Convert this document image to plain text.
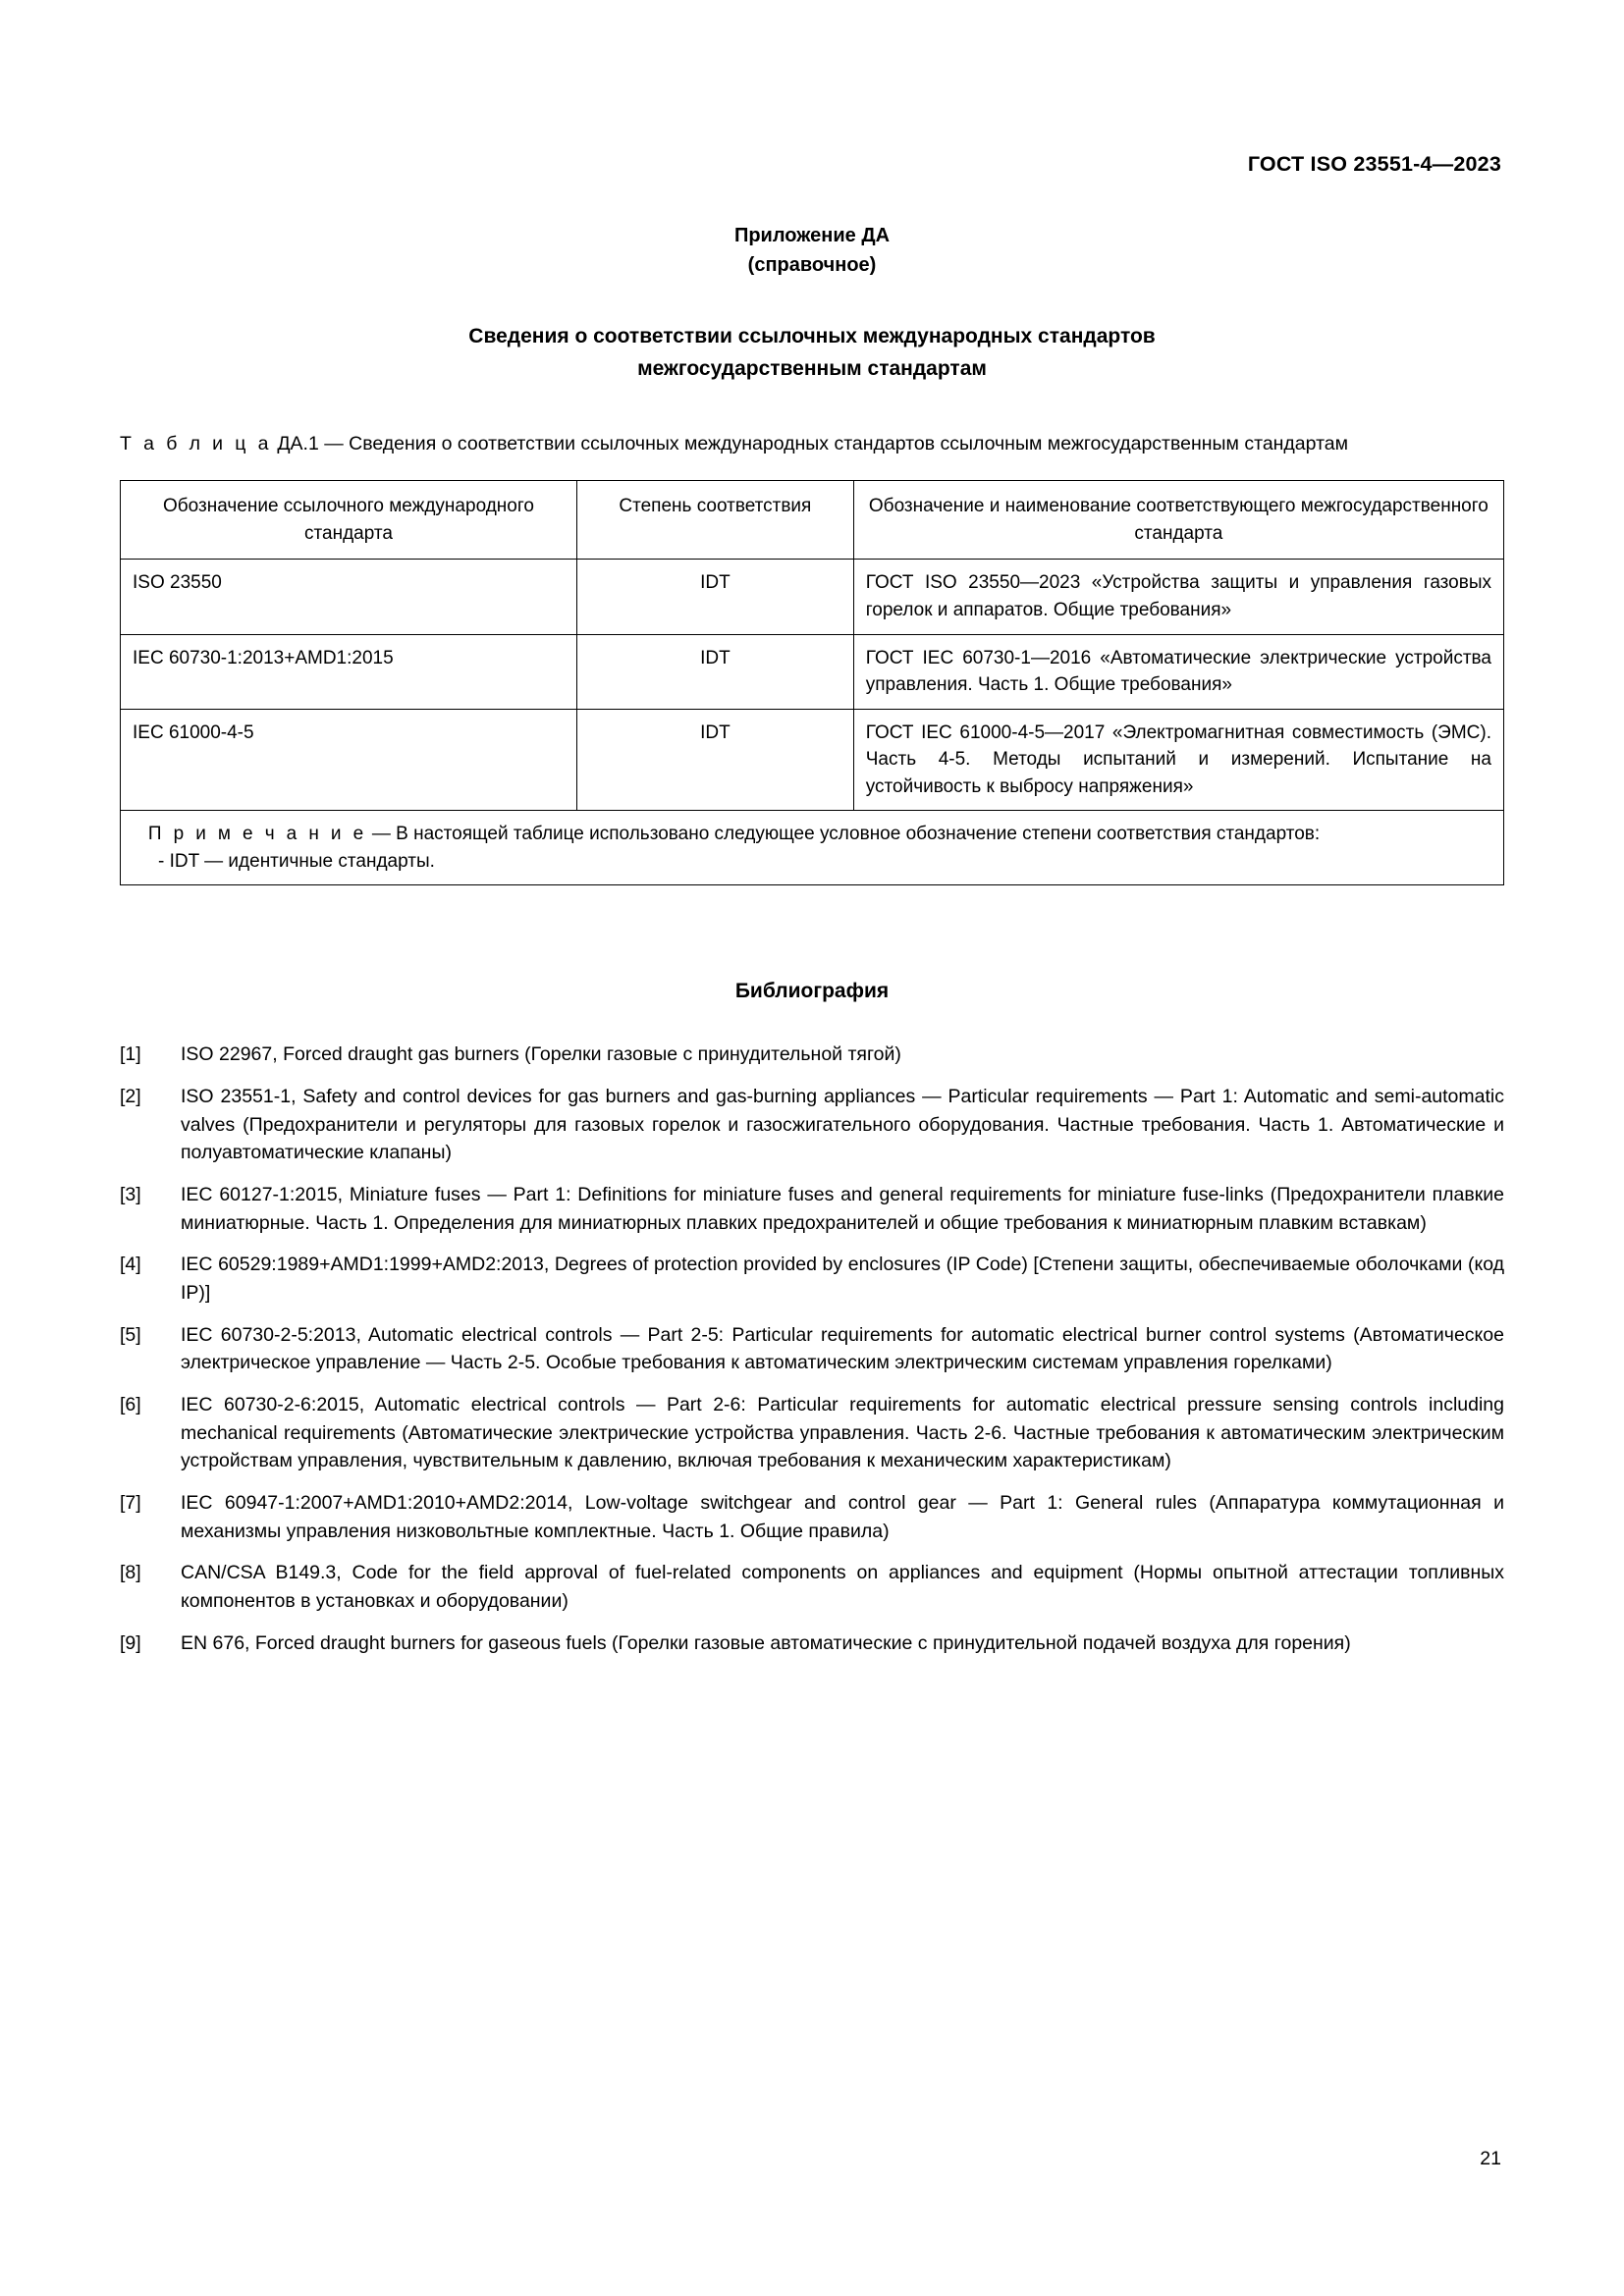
ГОСТ ISO 23551-4—2023
Приложение ДА
(справочное)
Сведения о соответствии ссылочных международных стандартов
межгосударственным стандартам
Т а б л и ц а ДА.1 — Сведения о соответствии ссылочных международных стандартов ссылочным межгосударственным стандартам
Обозначение ссылочного международного стандарта	Степень соответствия	Обозначение и наименование соответствующего межгосударственного стандарта
ISO 23550	IDT	ГОСТ ISO 23550—2023 «Устройства защиты и управления газовых горелок и аппаратов. Общие требования»
IEC 60730-1:2013+AMD1:2015	IDT	ГОСТ IEC 60730-1—2016 «Автоматические электрические устройства управления. Часть 1. Общие требования»
IEC 61000-4-5	IDT	ГОСТ IEC 61000-4-5—2017 «Электромагнитная совместимость (ЭМС). Часть 4-5. Методы испытаний и измерений. Испытание на устойчивость к выбросу напряжения»
П р и м е ч а н и е — В настоящей таблице использовано следующее условное обозначение степени соответствия стандартов:
- IDT — идентичные стандарты.		
Библиография
[1]	ISO 22967, Forced draught gas burners (Горелки газовые с принудительной тягой)
[2]	ISO 23551-1, Safety and control devices for gas burners and gas-burning appliances — Particular requirements — Part 1: Automatic and semi-automatic valves (Предохранители и регуляторы для газовых горелок и газосжигательного оборудования. Частные требования. Часть 1. Автоматические и полуавтоматические клапаны)
[3]	IEC 60127-1:2015, Miniature fuses — Part 1: Definitions for miniature fuses and general requirements for miniature fuse-links (Предохранители плавкие миниатюрные. Часть 1. Определения для миниатюрных плавких предохранителей и общие требования к миниатюрным плавким вставкам)
[4]	IEC 60529:1989+AMD1:1999+AMD2:2013, Degrees of protection provided by enclosures (IP Code) [Степени защиты, обеспечиваемые оболочками (код IP)]
[5]	IEC 60730-2-5:2013, Automatic electrical controls — Part 2-5: Particular requirements for automatic electrical burner control systems (Автоматическое электрическое управление — Часть 2-5. Особые требования к автоматическим электрическим системам управления горелками)
[6]	IEC 60730-2-6:2015, Automatic electrical controls — Part 2-6: Particular requirements for automatic electrical pressure sensing controls including mechanical requirements (Автоматические электрические устройства управления. Часть 2-6. Частные требования к автоматическим электрическим устройствам управления, чувствительным к давлению, включая требования к механическим характеристикам)
[7]	IEC 60947-1:2007+AMD1:2010+AMD2:2014, Low-voltage switchgear and control gear — Part 1: General rules (Аппаратура коммутационная и механизмы управления низковольтные комплектные. Часть 1. Общие правила)
[8]	CAN/CSA B149.3, Code for the field approval of fuel-related components on appliances and equipment (Нормы опытной аттестации топливных компонентов в установках и оборудовании)
[9]	EN 676, Forced draught burners for gaseous fuels (Горелки газовые автоматические с принудительной подачей воздуха для горения)
21
